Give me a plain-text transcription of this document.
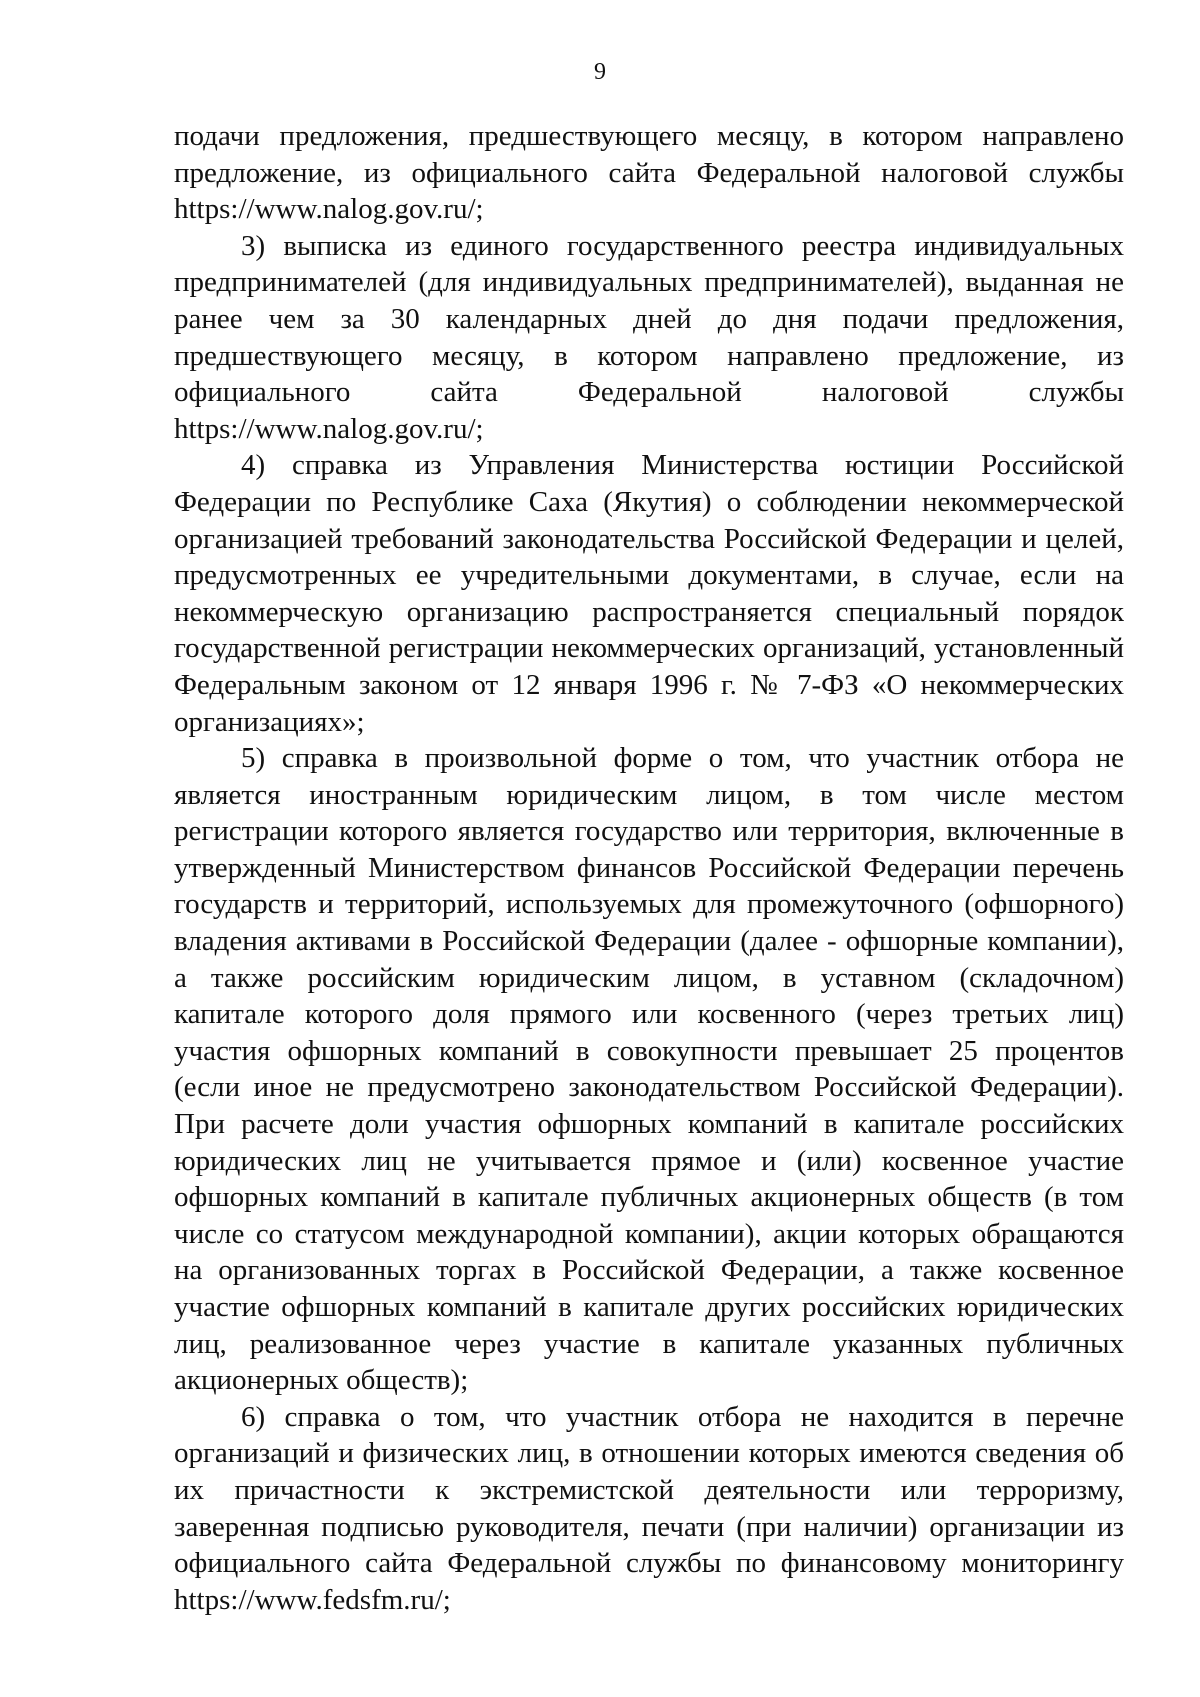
9

подачи предложения, предшествующего месяцу, в котором направлено предложение, из официального сайта Федеральной налоговой службы https://www.nalog.gov.ru/;

3) выписка из единого государственного реестра индивидуальных предпринимателей (для индивидуальных предпринимателей), выданная не ранее чем за 30 календарных дней до дня подачи предложения, предшествующего месяцу, в котором направлено предложение, из официального сайта Федеральной налоговой службы https://www.nalog.gov.ru/;

4) справка из Управления Министерства юстиции Российской Федерации по Республике Саха (Якутия) о соблюдении некоммерческой организацией требований законодательства Российской Федерации и целей, предусмотренных ее учредительными документами, в случае, если на некоммерческую организацию распространяется специальный порядок государственной регистрации некоммерческих организаций, установленный Федеральным законом от 12 января 1996 г. № 7-ФЗ «О некоммерческих организациях»;

5) справка в произвольной форме о том, что участник отбора не является иностранным юридическим лицом, в том числе местом регистрации которого является государство или территория, включенные в утвержденный Министерством финансов Российской Федерации перечень государств и территорий, используемых для промежуточного (офшорного) владения активами в Российской Федерации (далее - офшорные компании), а также российским юридическим лицом, в уставном (складочном) капитале которого доля прямого или косвенного (через третьих лиц) участия офшорных компаний в совокупности превышает 25 процентов (если иное не предусмотрено законодательством Российской Федерации). При расчете доли участия офшорных компаний в капитале российских юридических лиц не учитывается прямое и (или) косвенное участие офшорных компаний в капитале публичных акционерных обществ (в том числе со статусом международной компании), акции которых обращаются на организованных торгах в Российской Федерации, а также косвенное участие офшорных компаний в капитале других российских юридических лиц, реализованное через участие в капитале указанных публичных акционерных обществ);

6) справка о том, что участник отбора не находится в перечне организаций и физических лиц, в отношении которых имеются сведения об их причастности к экстремистской деятельности или терроризму, заверенная подписью руководителя, печати (при наличии) организации из официального сайта Федеральной службы по финансовому мониторингу https://www.fedsfm.ru/;
